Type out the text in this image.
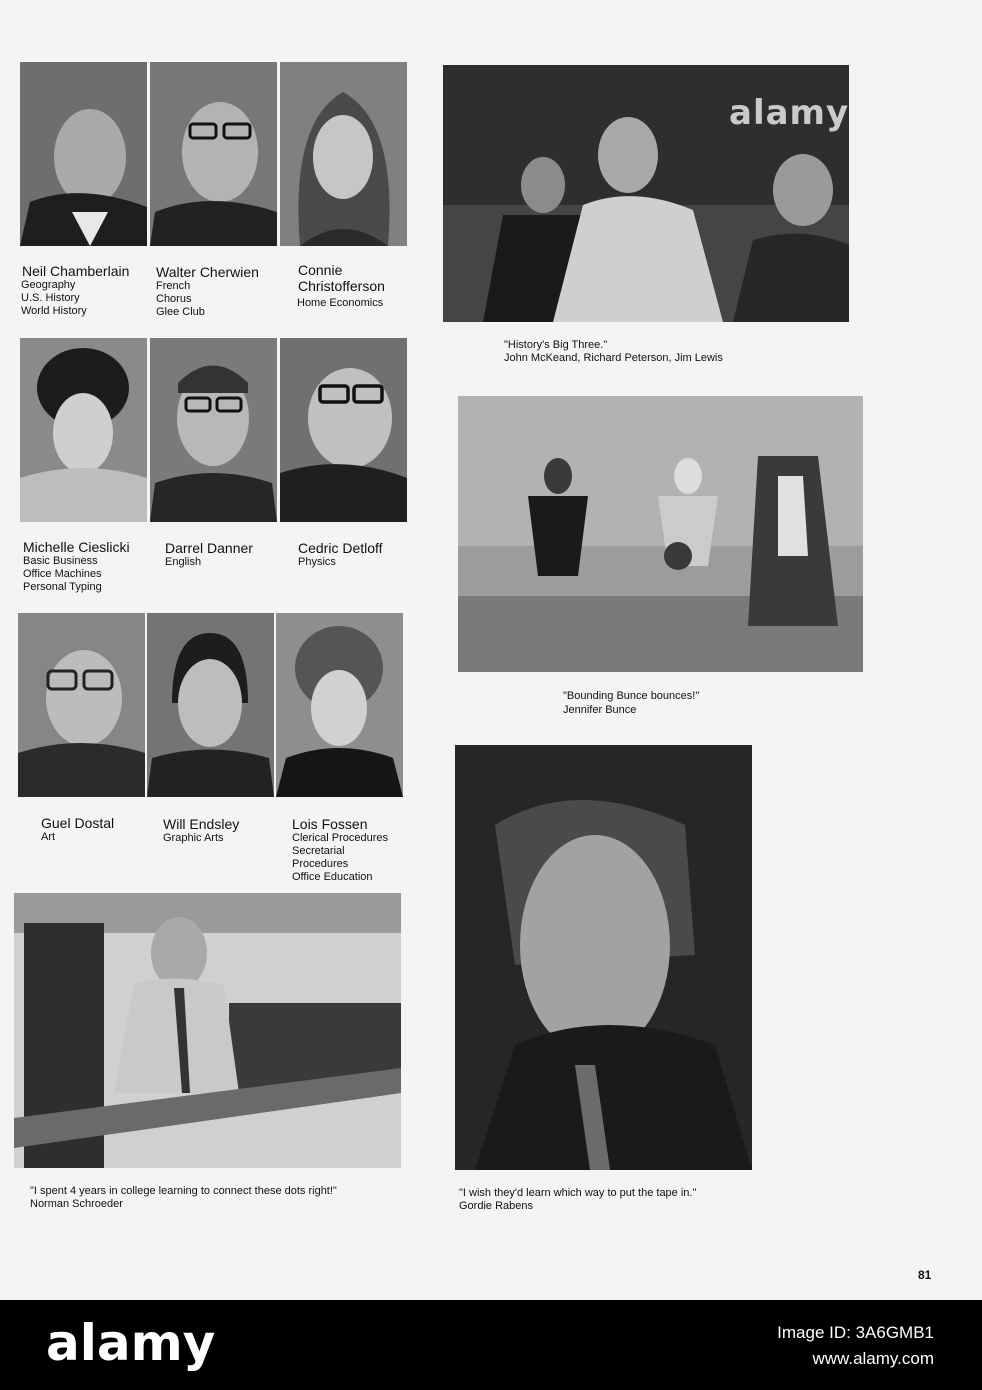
Neil Chamberlain
Geography
U.S. History
World History
Walter Cherwien
French
Chorus
Glee Club
Connie
Christofferson
Home Economics
Michelle Cieslicki
Basic Business
Office Machines
Personal Typing
Darrel Danner
English
Cedric Detloff
Physics
Guel Dostal
Art
Will Endsley
Graphic Arts
Lois Fossen
Clerical Procedures
Secretarial
Procedures
Office Education
alamy
"History's Big Three."
John McKeand, Richard Peterson, Jim Lewis
"Bounding Bunce bounces!"
Jennifer Bunce
"I wish they'd learn which way to put the tape in."
Gordie Rabens
"I spent 4 years in college learning to connect these dots right!"
Norman Schroeder
81
alamy	Image ID: 3A6GMB1
www.alamy.com
